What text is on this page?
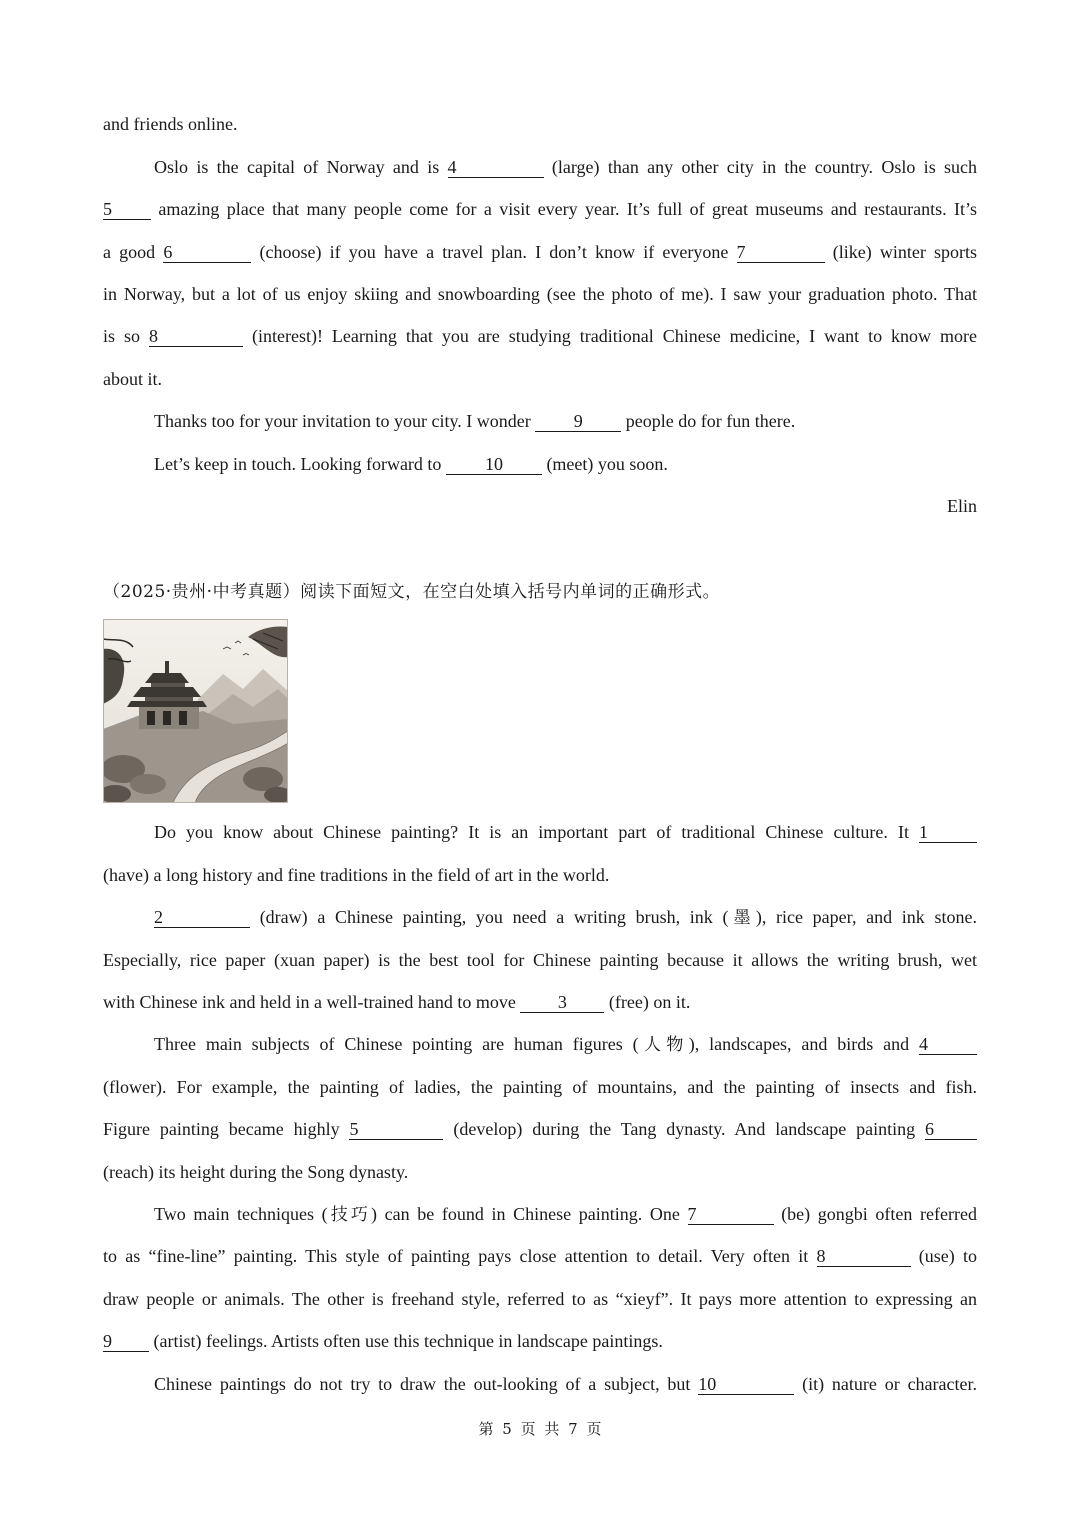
and friends online.
Oslo is the capital of Norway and is 4	(large) than any other city in the country. Oslo is such
5	amazing place that many people come for a visit every year. It’s full of great museums and restaurants. It’s
a good 6	(choose) if you have a travel plan. I don’t know if everyone 7	(like) winter sports
in Norway, but a lot of us enjoy skiing and snowboarding (see the photo of me). I saw your graduation photo. That
is so 8	(interest)! Learning that you are studying traditional Chinese medicine, I want to know more
about it.
Thanks too for your invitation to your city. I wonder 9 people do for fun there.
Let’s keep in touch. Looking forward to 10 (meet) you soon.
Elin
（2025·贵州·中考真题）阅读下面短文，在空白处填入括号内单词的正确形式。
Do you know about Chinese painting? It is an important part of traditional Chinese culture. It 1
(have) a long history and fine traditions in the field of art in the world.
2	(draw) a Chinese painting, you need a writing brush, ink (墨), rice paper, and ink stone.
Especially, rice paper (xuan paper) is the best tool for Chinese painting because it allows the writing brush, wet
with Chinese ink and held in a well-trained hand to move 3 (free) on it.
Three main subjects of Chinese pointing are human figures (人物), landscapes, and birds and 4
(flower). For example, the painting of ladies, the painting of mountains, and the painting of insects and fish.
Figure painting became highly 5	(develop) during the Tang dynasty. And landscape painting 6
(reach) its height during the Song dynasty.
Two main techniques (技巧) can be found in Chinese painting. One 7	(be) gongbi often referred
to as “fine-line” painting. This style of painting pays close attention to detail. Very often it 8	(use) to
draw people or animals. The other is freehand style, referred to as “xieyf”. It pays more attention to expressing an
9 (artist) feelings. Artists often use this technique in landscape paintings.
Chinese paintings do not try to draw the out-looking of a subject, but 10	(it) nature or character.
第 5 页 共 7 页
